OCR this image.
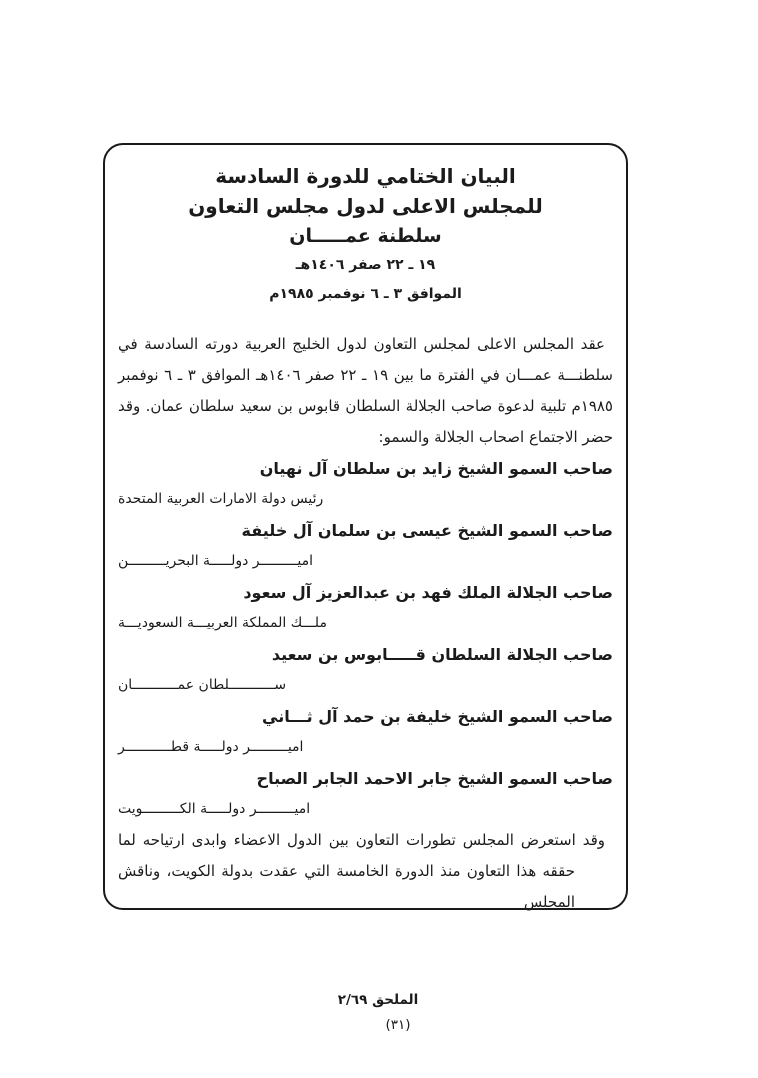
البيان الختامي للدورة السادسة
للمجلس الاعلى لدول مجلس التعاون
سلطنة عمـــــان
١٩ ـ ٢٢ صفر ١٤٠٦هـ
الموافق ٣ ـ ٦ نوفمبر ١٩٨٥م
عقد المجلس الاعلى لمجلس التعاون لدول الخليج العربية دورته السادسة في
سلطنـــة عمـــان في الفترة ما بين ١٩ ـ ٢٢ صفر ١٤٠٦هـ الموافق ٣ ـ ٦ نوفمبر
١٩٨٥م تلبية لدعوة صاحب الجلالة السلطان قابوس بن سعيد سلطان عمان. وقد
حضر الاجتماع اصحاب الجلالة والسمو:
صاحب السمو الشيخ زايد بن سلطان آل نهيان
رئيس دولة الامارات العربية المتحدة
صاحب السمو الشيخ عيسى بن سلمان آل خليفة
اميـــــــــر دولـــــة البحريـــــــــن
صاحب الجلالة الملك فهد بن عبدالعزيز آل سعود
ملـــك المملكة العربيـــة السعوديـــة
صاحب الجلالة السلطان قـــــابوس بن سعيد
ســـــــــــلطان عمـــــــــــان
صاحب السمو الشيخ خليفة بن حمد آل ثـــاني
اميـــــــــر دولـــــة قطـــــــــــر
صاحب السمو الشيخ جابر الاحمد الجابر الصباح
اميـــــــــر دولـــــة الكـــــــــويت
وقد استعرض المجلس تطورات التعاون بين الدول الاعضاء وابدى ارتياحه لما
حققه هذا التعاون منذ الدورة الخامسة التي عقدت بدولة الكويت، وناقش المجلس
الملحق ٢/٦٩
(٣١)
